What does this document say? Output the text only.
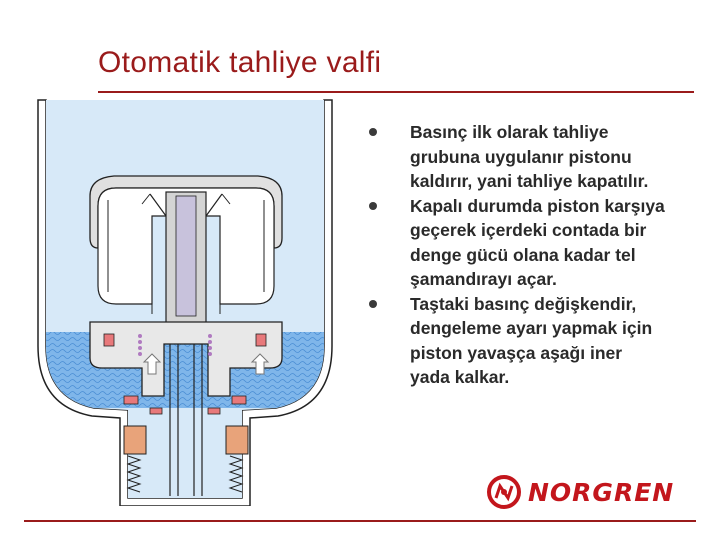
Otomatik tahliye valfi
Basınç ilk olarak tahliye grubuna uygulanır pistonu kaldırır, yani tahliye kapatılır.
Kapalı durumda piston karşıya geçerek içerdeki contada bir denge gücü olana kadar tel şamandırayı açar.
Taştaki basınç değişkendir, dengeleme ayarı yapmak için piston yavaşça aşağı iner yada kalkar.
NORGREN
